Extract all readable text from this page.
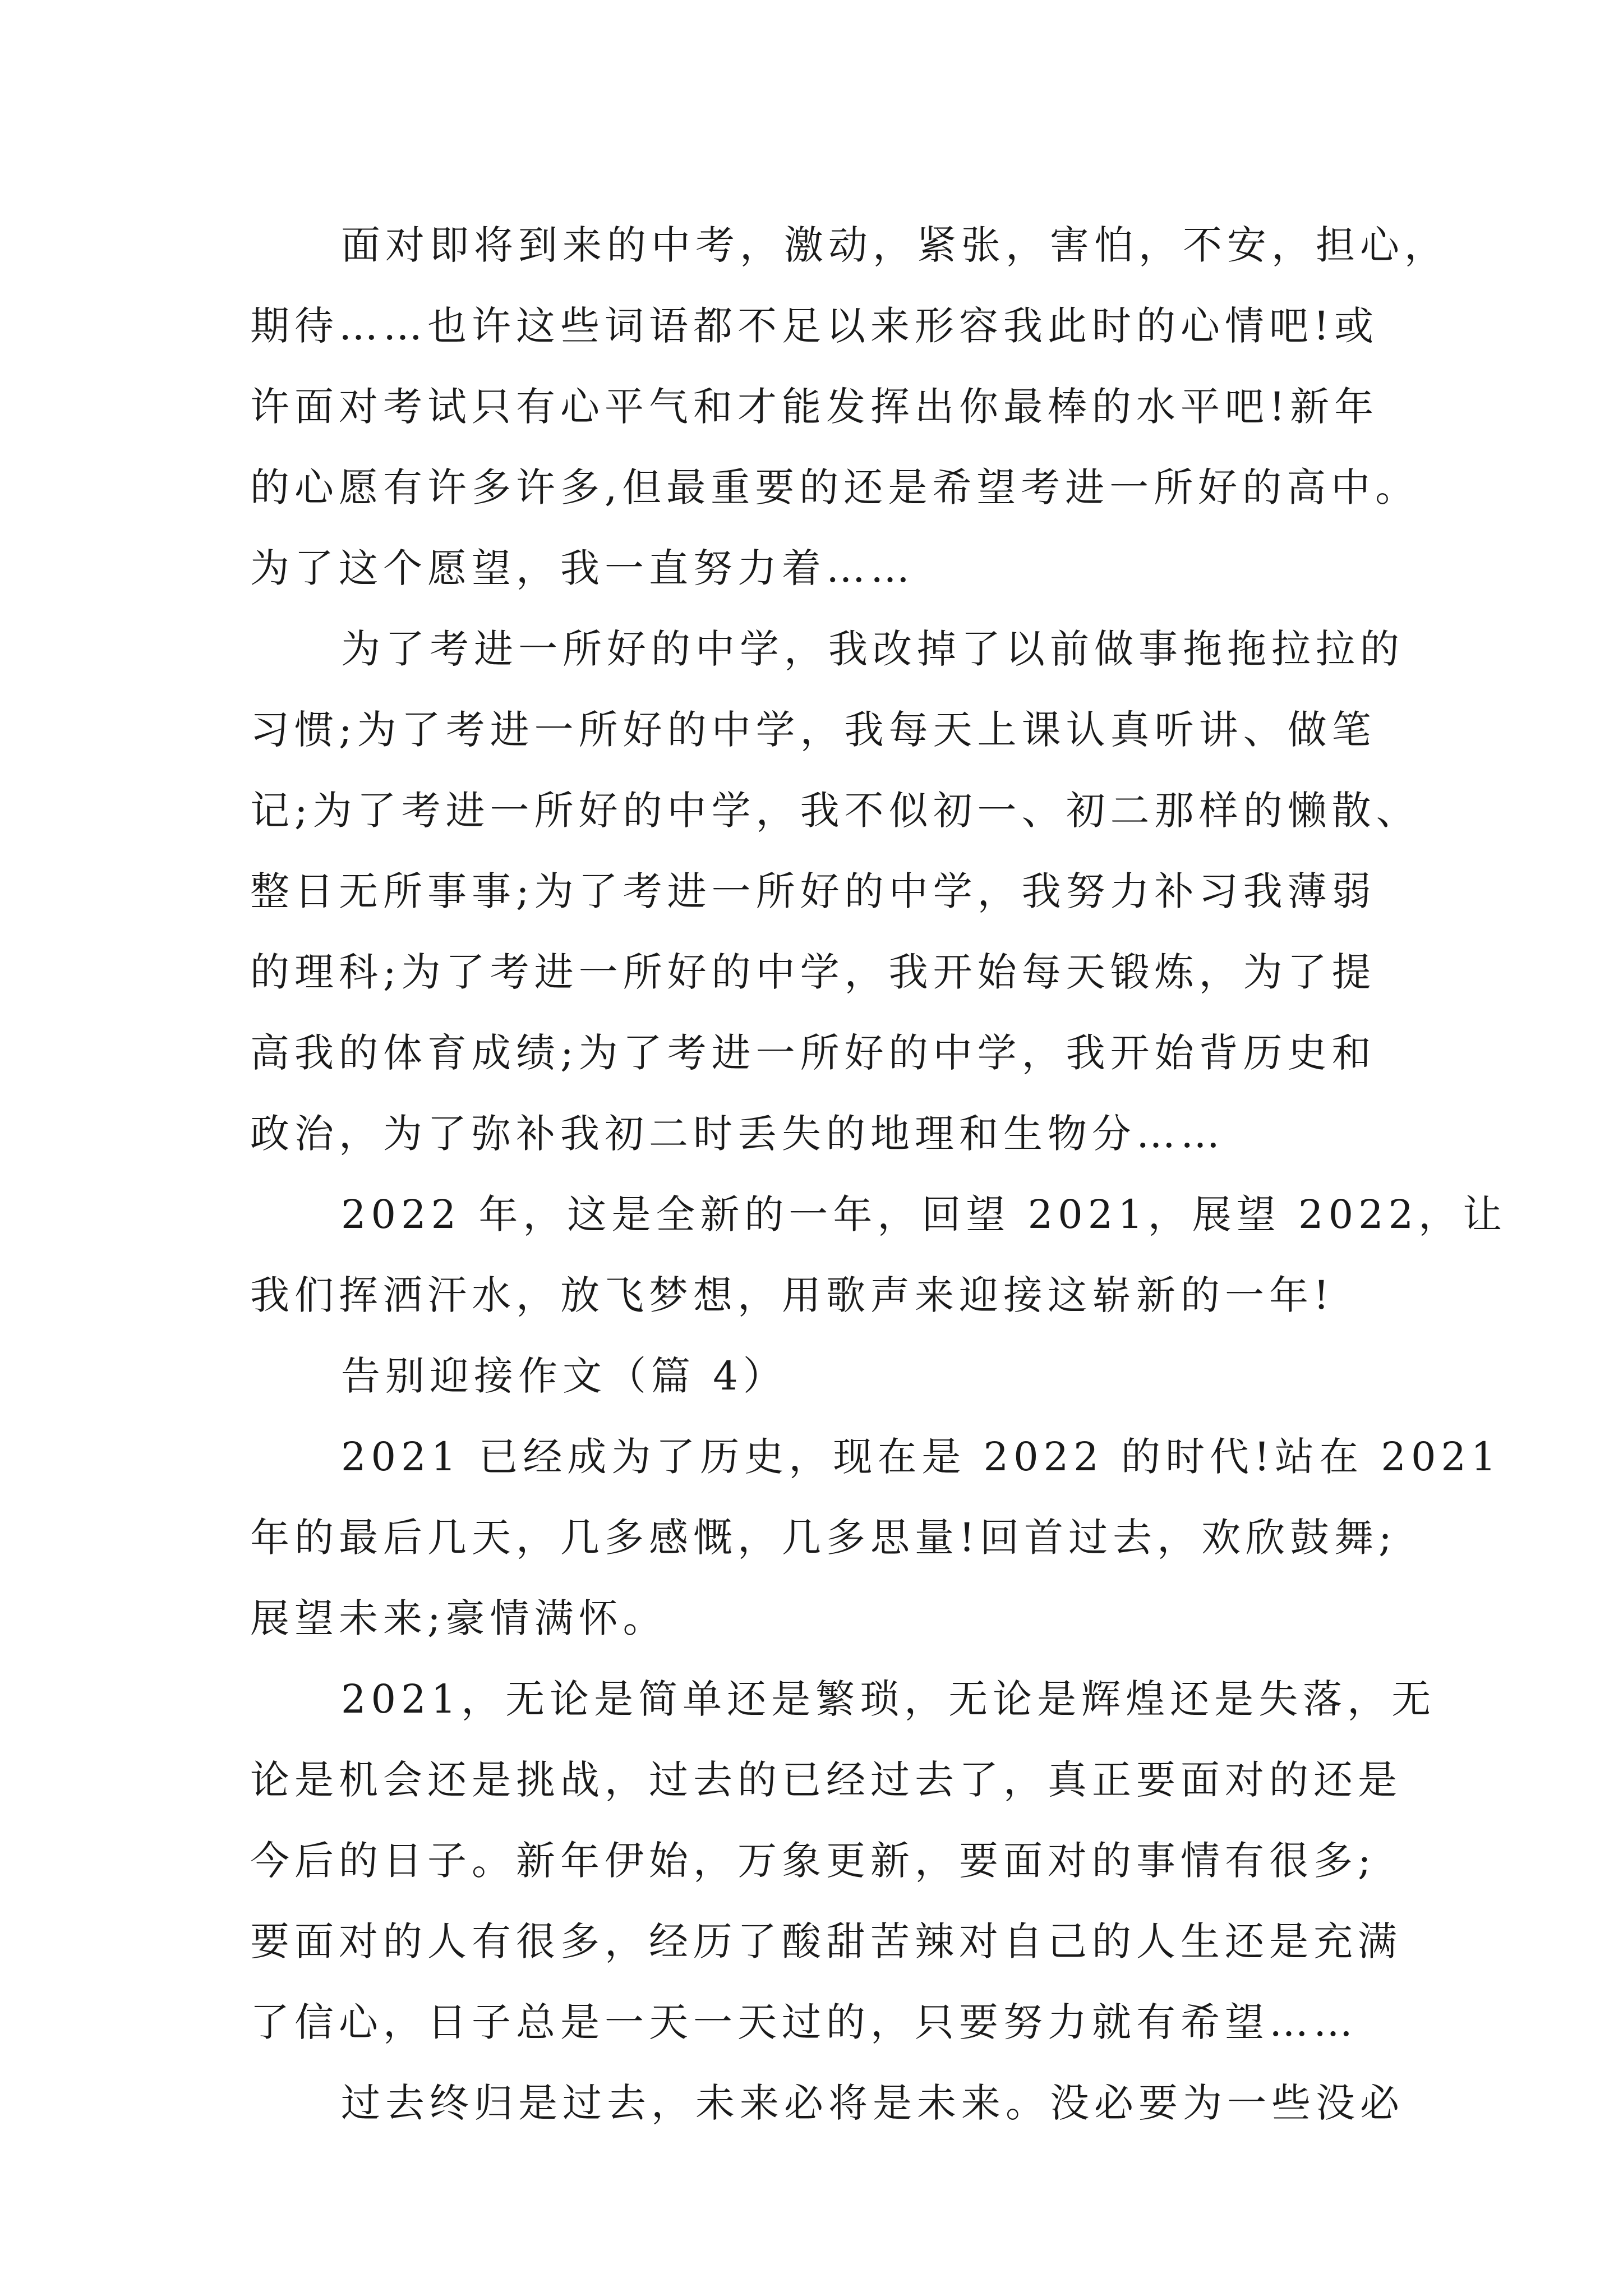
面对即将到来的中考，激动，紧张，害怕，不安，担心，

期待……也许这些词语都不足以来形容我此时的心情吧!或

许面对考试只有心平气和才能发挥出你最棒的水平吧!新年

的心愿有许多许多,但最重要的还是希望考进一所好的高中。

为了这个愿望，我一直努力着……

为了考进一所好的中学，我改掉了以前做事拖拖拉拉的

习惯;为了考进一所好的中学，我每天上课认真听讲、做笔

记;为了考进一所好的中学，我不似初一、初二那样的懒散、

整日无所事事;为了考进一所好的中学，我努力补习我薄弱

的理科;为了考进一所好的中学，我开始每天锻炼，为了提

高我的体育成绩;为了考进一所好的中学，我开始背历史和

政治，为了弥补我初二时丢失的地理和生物分……

2022 年，这是全新的一年，回望 2021，展望 2022，让

我们挥洒汗水，放飞梦想，用歌声来迎接这崭新的一年!

告别迎接作文（篇 4）

2021 已经成为了历史，现在是 2022 的时代!站在 2021

年的最后几天，几多感慨，几多思量!回首过去，欢欣鼓舞;

展望未来;豪情满怀。

2021，无论是简单还是繁琐，无论是辉煌还是失落，无

论是机会还是挑战，过去的已经过去了，真正要面对的还是

今后的日子。新年伊始，万象更新，要面对的事情有很多;

要面对的人有很多，经历了酸甜苦辣对自己的人生还是充满

了信心，日子总是一天一天过的，只要努力就有希望……

过去终归是过去，未来必将是未来。没必要为一些没必
